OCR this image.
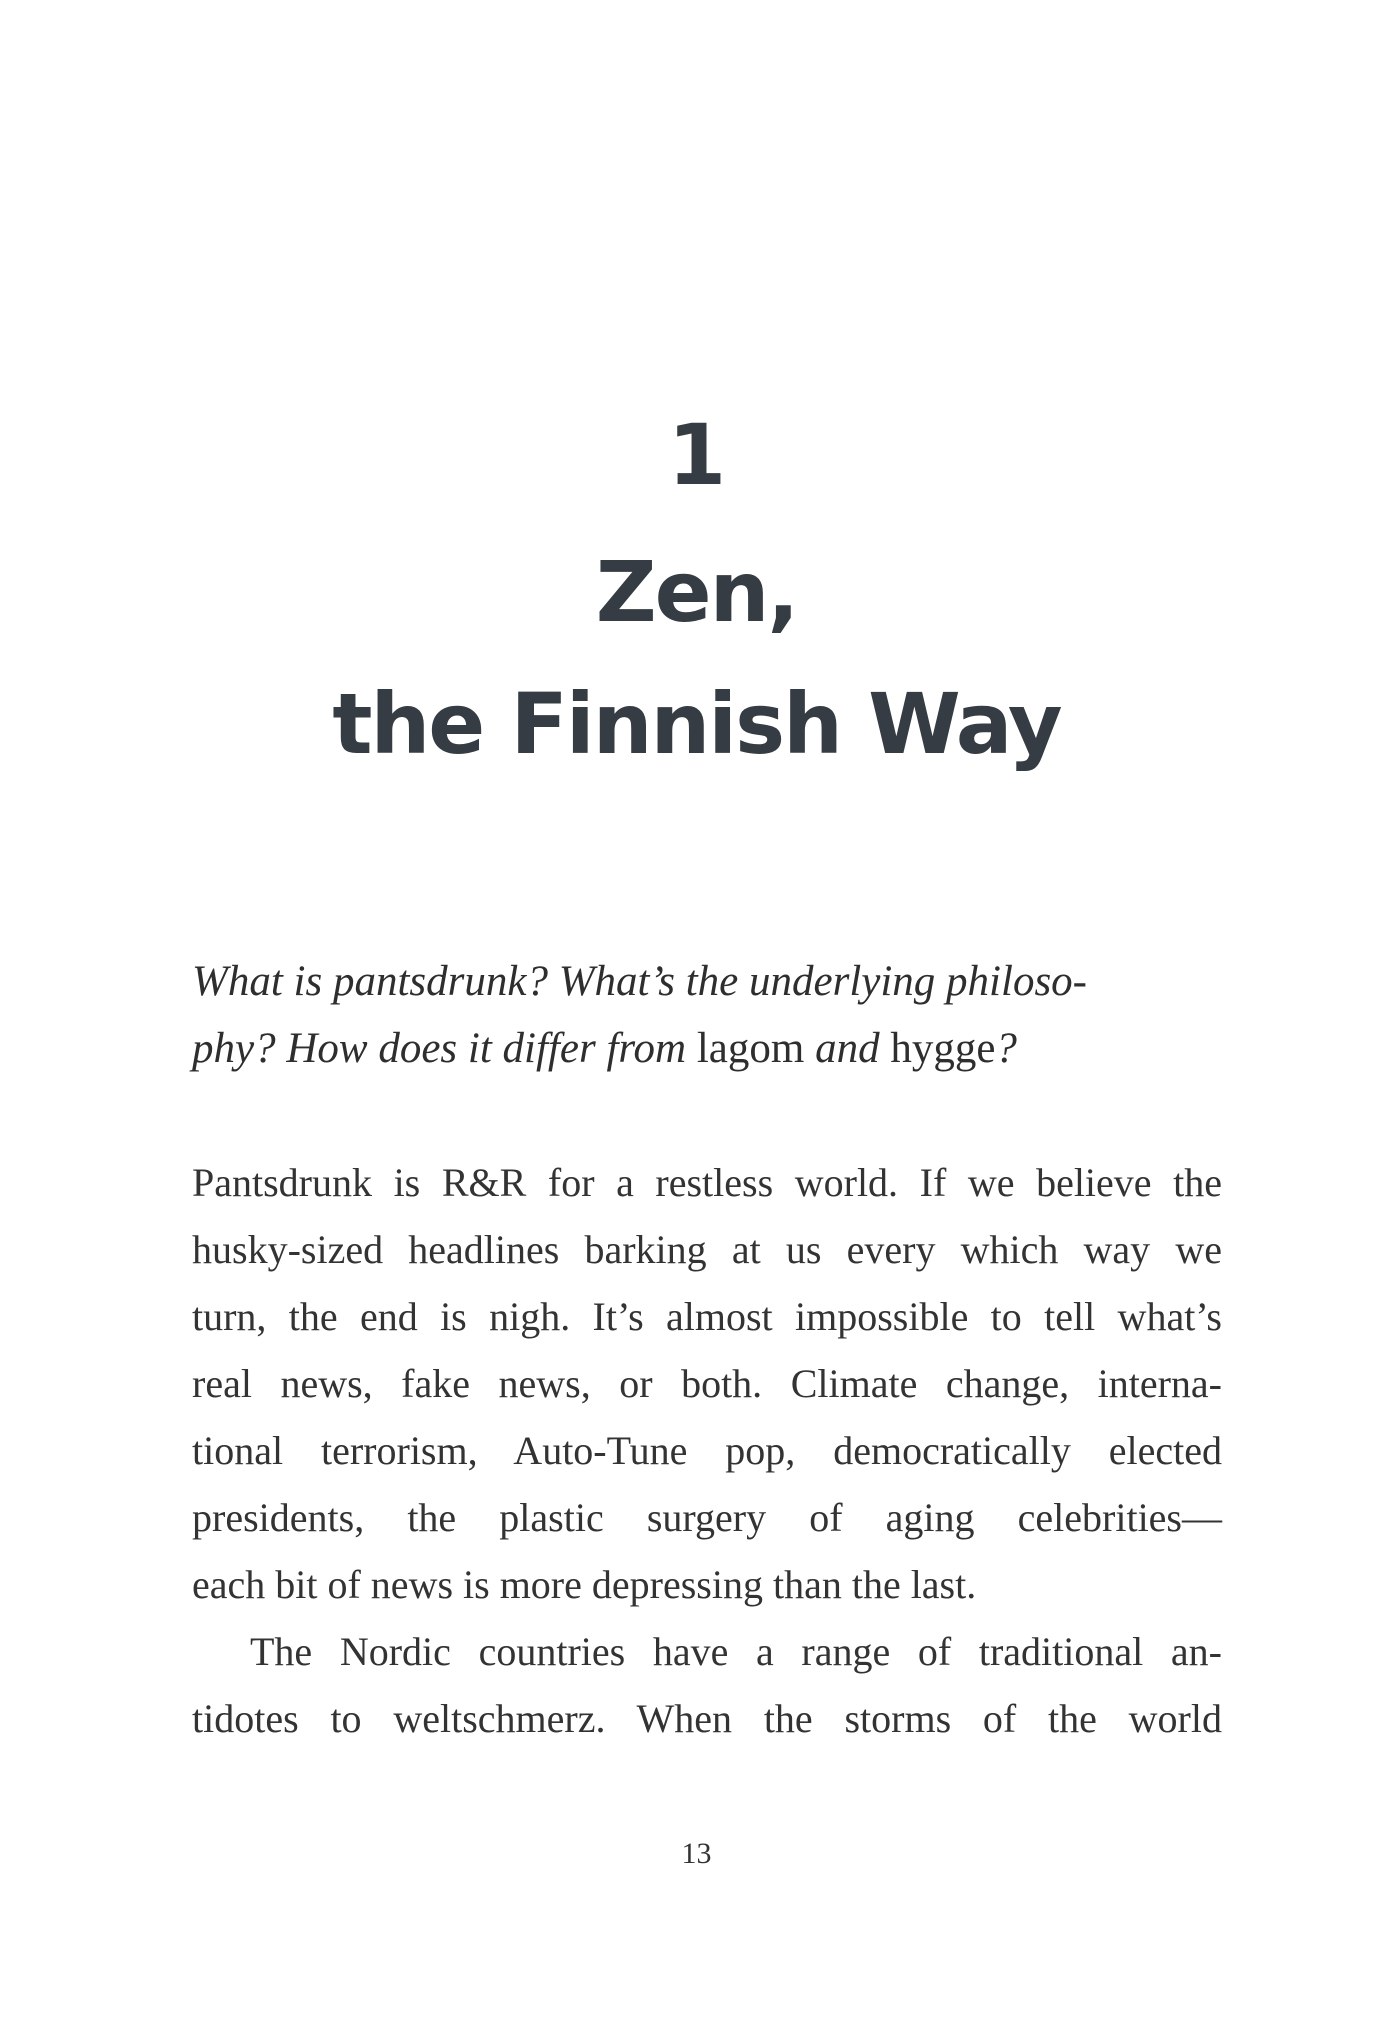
1
Zen,
the Finnish Way
What is pantsdrunk? What’s the underlying philoso-
phy? How does it differ from lagom and hygge?
Pantsdrunk is R&R for a restless world. If we believe the
husky-sized headlines barking at us every which way we
turn, the end is nigh. It’s almost impossible to tell what’s
real news, fake news, or both. Climate change, interna-
tional terrorism, Auto-Tune pop, democratically elected
presidents, the plastic surgery of aging celebrities—
each bit of news is more depressing than the last.
The Nordic countries have a range of traditional an-
tidotes to weltschmerz. When the storms of the world
13
